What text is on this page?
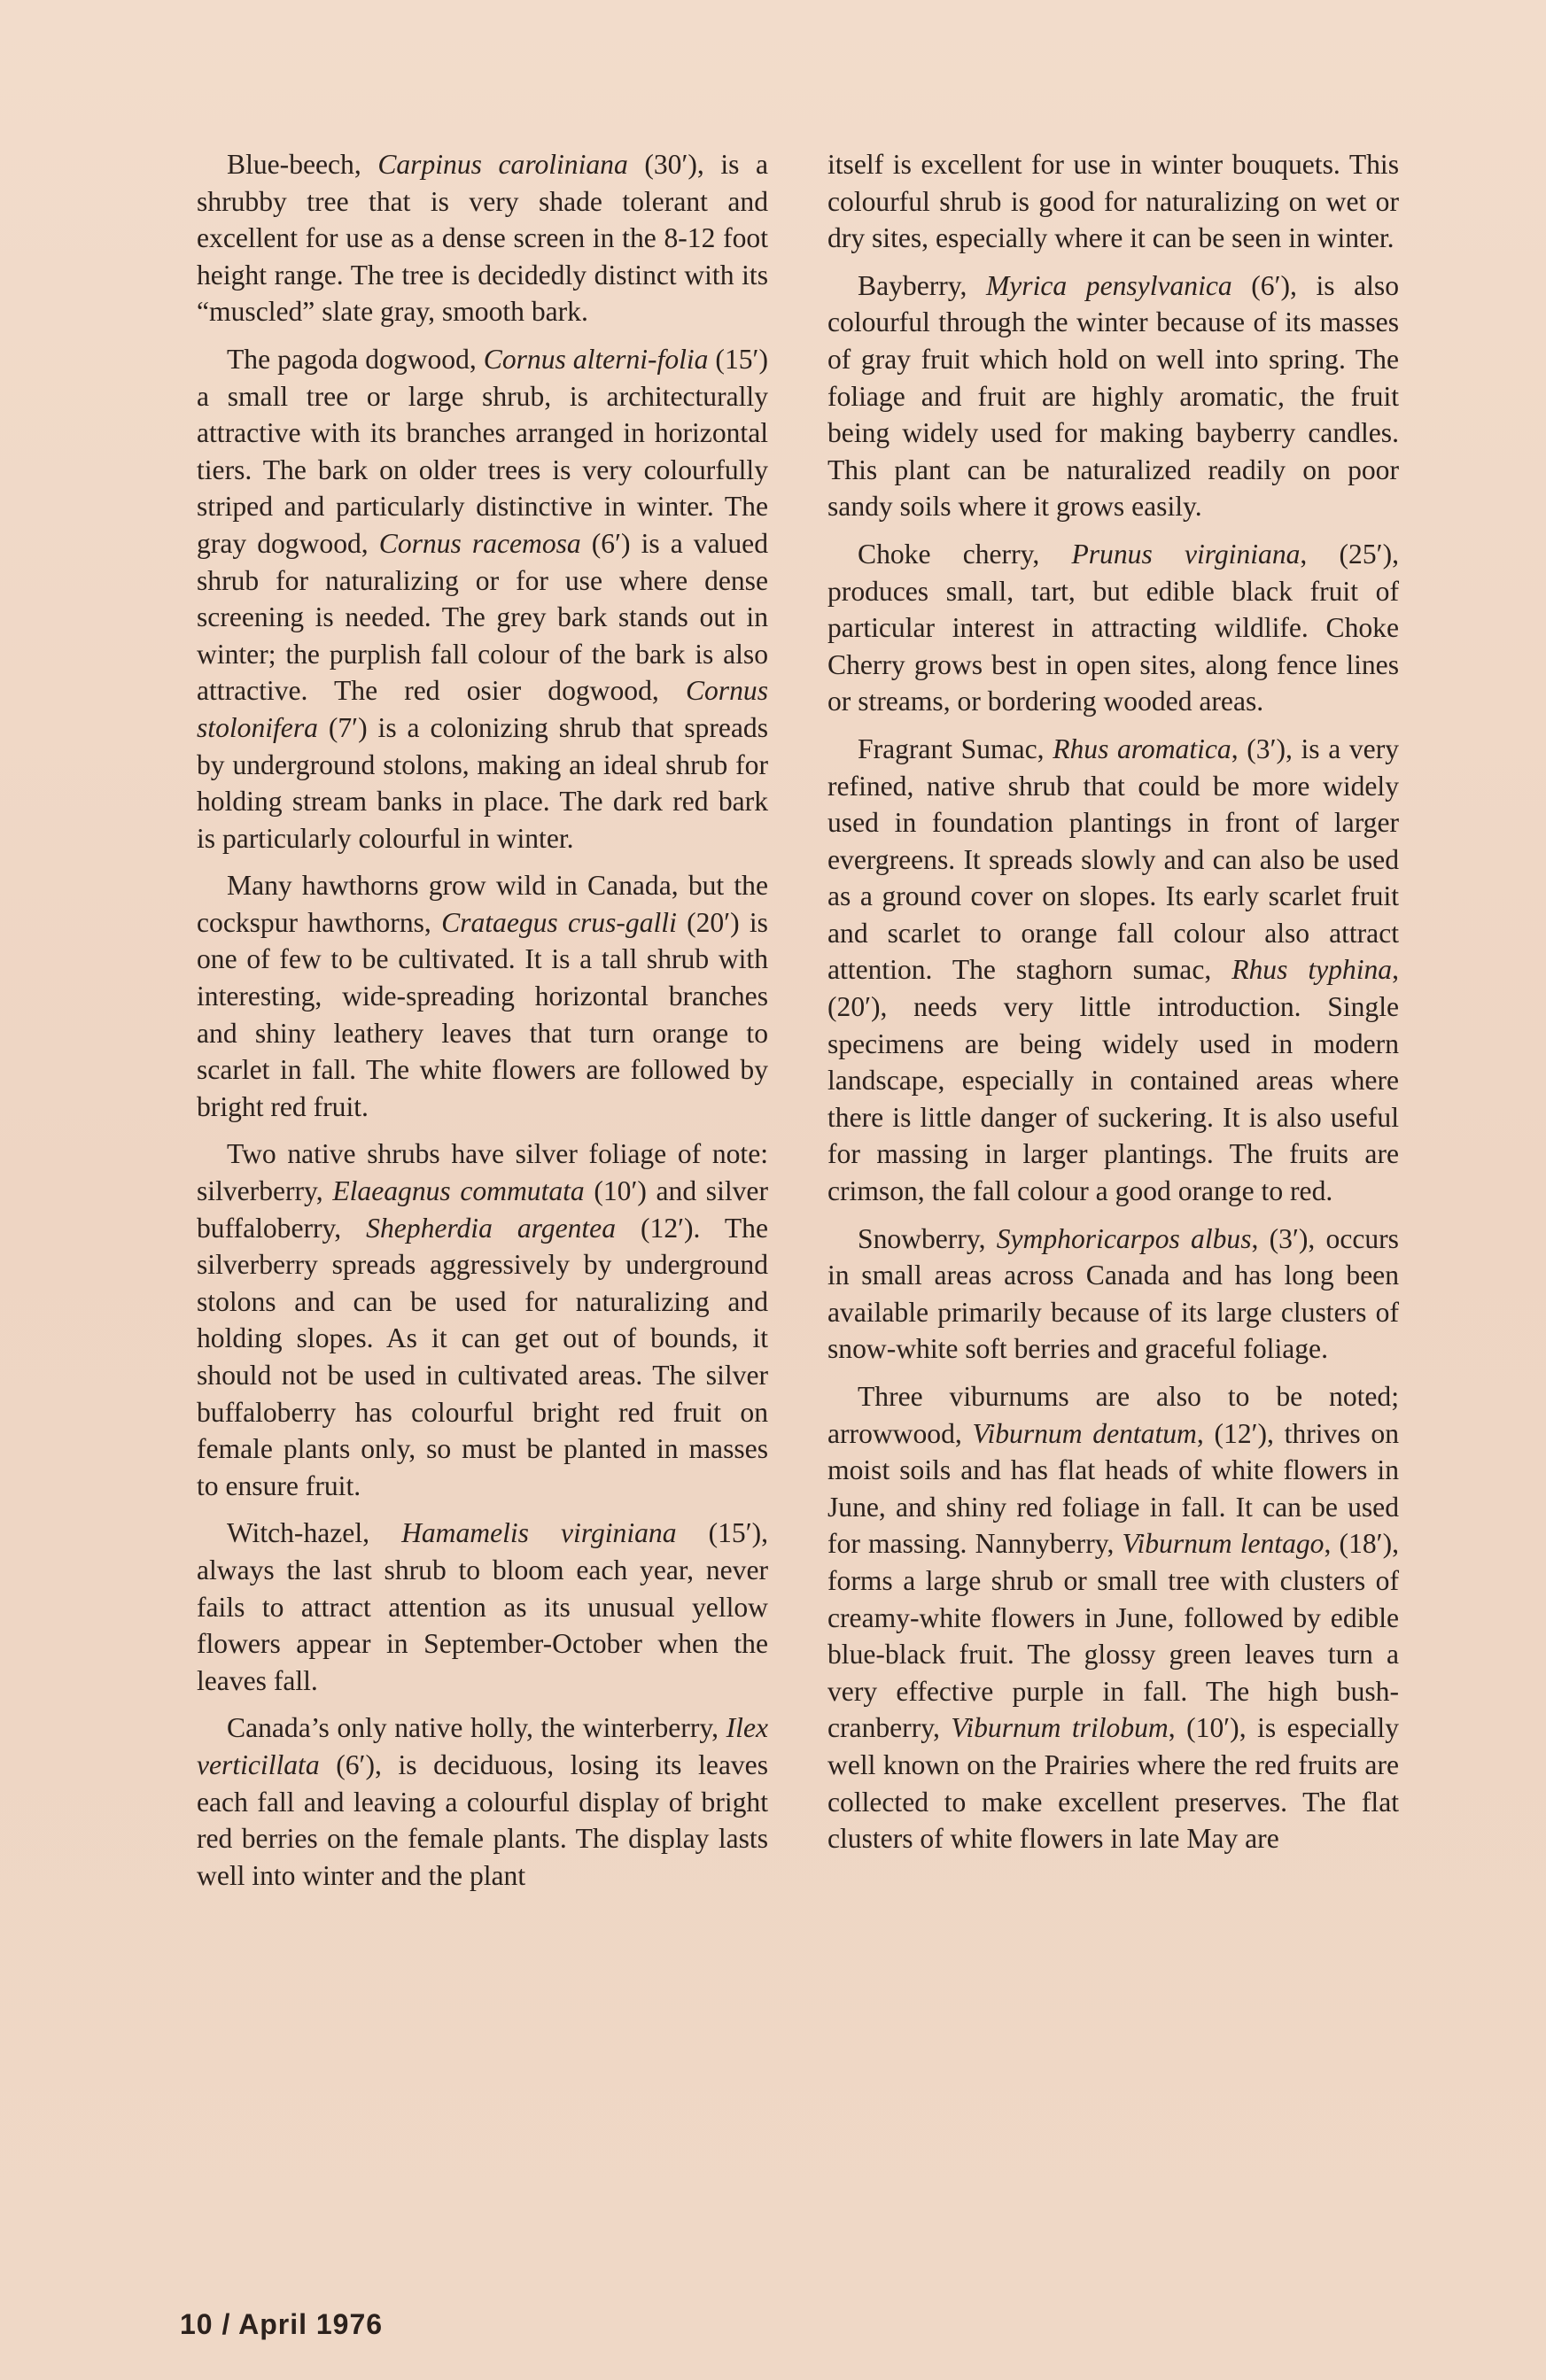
Blue-beech, Carpinus caroliniana (30′), is a shrubby tree that is very shade tolerant and excellent for use as a dense screen in the 8-12 foot height range. The tree is decidedly distinct with its “muscled” slate gray, smooth bark.

The pagoda dogwood, Cornus alterni-folia (15′) a small tree or large shrub, is architecturally attractive with its branches arranged in horizontal tiers. The bark on older trees is very colourfully striped and particularly distinctive in winter. The gray dogwood, Cornus racemosa (6′) is a valued shrub for naturalizing or for use where dense screening is needed. The grey bark stands out in winter; the purplish fall colour of the bark is also attractive. The red osier dogwood, Cornus stolonifera (7′) is a colonizing shrub that spreads by underground stolons, making an ideal shrub for holding stream banks in place. The dark red bark is particularly colourful in winter.

Many hawthorns grow wild in Canada, but the cockspur hawthorns, Crataegus crus-galli (20′) is one of few to be cultivated. It is a tall shrub with interesting, wide-spreading horizontal branches and shiny leathery leaves that turn orange to scarlet in fall. The white flowers are followed by bright red fruit.

Two native shrubs have silver foliage of note: silverberry, Elaeagnus commutata (10′) and silver buffaloberry, Shepherdia argentea (12′). The silverberry spreads aggressively by underground stolons and can be used for naturalizing and holding slopes. As it can get out of bounds, it should not be used in cultivated areas. The silver buffaloberry has colourful bright red fruit on female plants only, so must be planted in masses to ensure fruit.

Witch-hazel, Hamamelis virginiana (15′), always the last shrub to bloom each year, never fails to attract attention as its unusual yellow flowers appear in September-October when the leaves fall.

Canada’s only native holly, the winterberry, Ilex verticillata (6′), is deciduous, losing its leaves each fall and leaving a colourful display of bright red berries on the female plants. The display lasts well into winter and the plant

itself is excellent for use in winter bouquets. This colourful shrub is good for naturalizing on wet or dry sites, especially where it can be seen in winter.

Bayberry, Myrica pensylvanica (6′), is also colourful through the winter because of its masses of gray fruit which hold on well into spring. The foliage and fruit are highly aromatic, the fruit being widely used for making bayberry candles. This plant can be naturalized readily on poor sandy soils where it grows easily.

Choke cherry, Prunus virginiana, (25′), produces small, tart, but edible black fruit of particular interest in attracting wildlife. Choke Cherry grows best in open sites, along fence lines or streams, or bordering wooded areas.

Fragrant Sumac, Rhus aromatica, (3′), is a very refined, native shrub that could be more widely used in foundation plantings in front of larger evergreens. It spreads slowly and can also be used as a ground cover on slopes. Its early scarlet fruit and scarlet to orange fall colour also attract attention. The staghorn sumac, Rhus typhina, (20′), needs very little introduction. Single specimens are being widely used in modern landscape, especially in contained areas where there is little danger of suckering. It is also useful for massing in larger plantings. The fruits are crimson, the fall colour a good orange to red.

Snowberry, Symphoricarpos albus, (3′), occurs in small areas across Canada and has long been available primarily because of its large clusters of snow-white soft berries and graceful foliage.

Three viburnums are also to be noted; arrowwood, Viburnum dentatum, (12′), thrives on moist soils and has flat heads of white flowers in June, and shiny red foliage in fall. It can be used for massing. Nannyberry, Viburnum lentago, (18′), forms a large shrub or small tree with clusters of creamy-white flowers in June, followed by edible blue-black fruit. The glossy green leaves turn a very effective purple in fall. The high bush-cranberry, Viburnum trilobum, (10′), is especially well known on the Prairies where the red fruits are collected to make excellent preserves. The flat clusters of white flowers in late May are

10 / April 1976
